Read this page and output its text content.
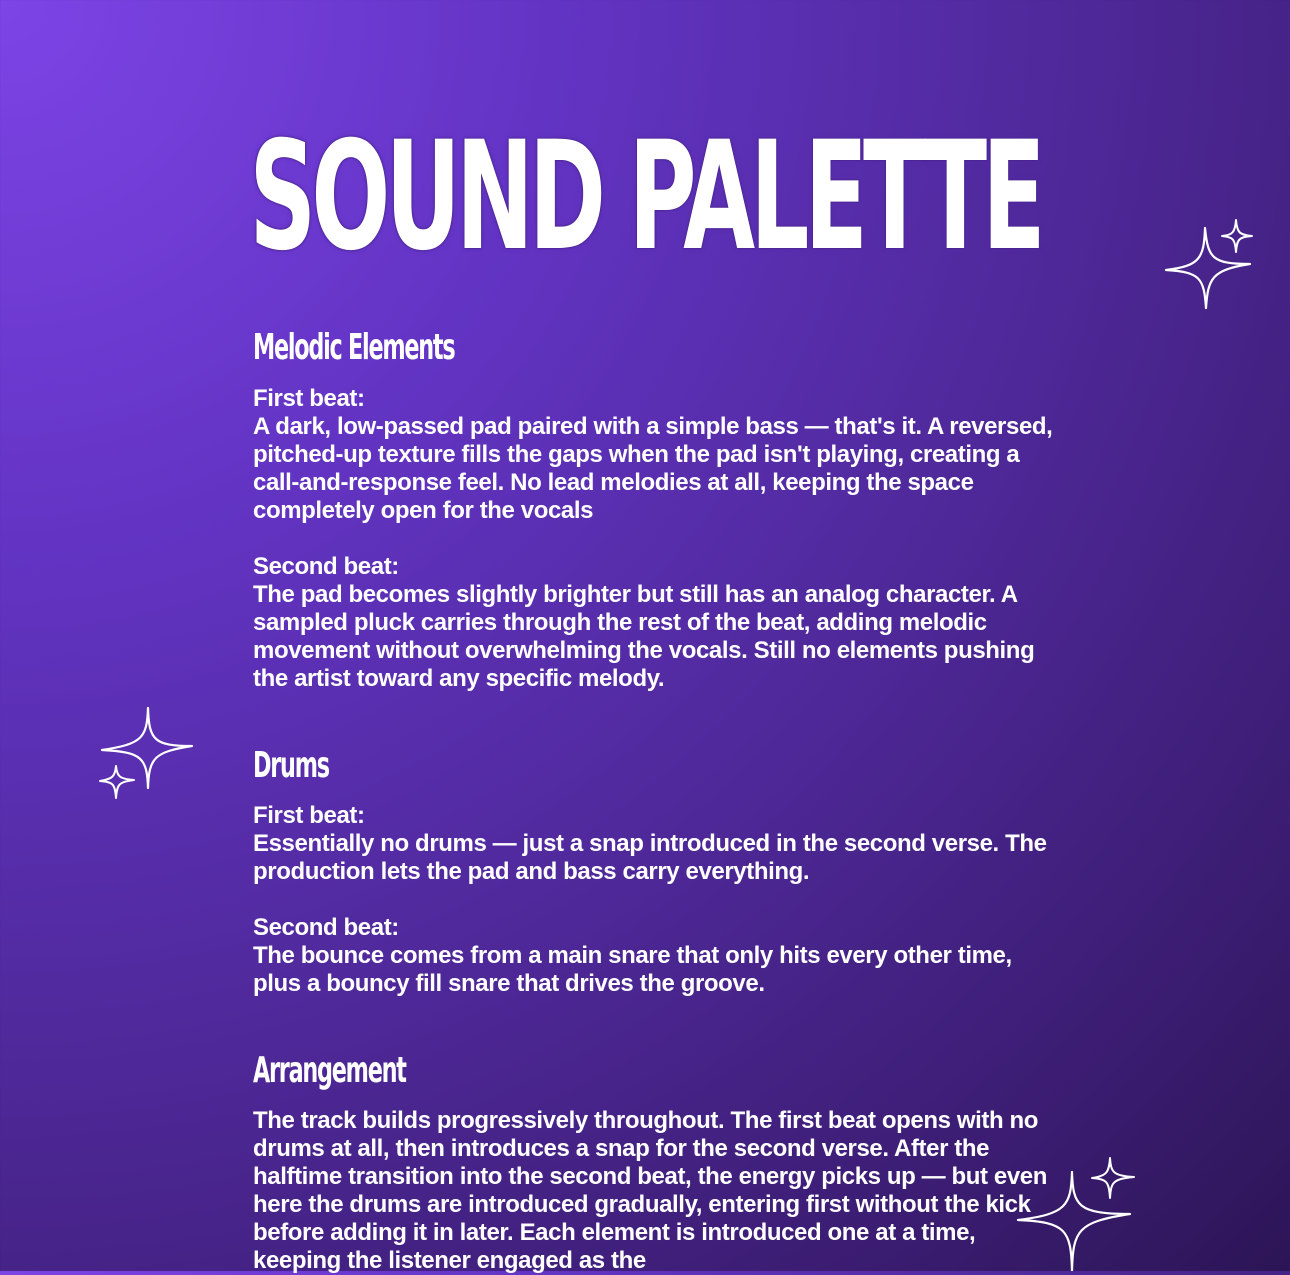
SOUND PALETTE
Melodic Elements

First beat:
A dark, low-passed pad paired with a simple bass — that's it. A reversed, pitched-up texture fills the gaps when the pad isn't playing, creating a call-and-response feel. No lead melodies at all, keeping the space completely open for the vocals

Second beat:
The pad becomes slightly brighter but still has an analog character. A sampled pluck carries through the rest of the beat, adding melodic movement without overwhelming the vocals. Still no elements pushing the artist toward any specific melody.

Drums

First beat:
Essentially no drums — just a snap introduced in the second verse. The production lets the pad and bass carry everything.

Second beat:
The bounce comes from a main snare that only hits every other time, plus a bouncy fill snare that drives the groove.

Arrangement

The track builds progressively throughout. The first beat opens with no drums at all, then introduces a snap for the second verse. After the halftime transition into the second beat, the energy picks up — but even here the drums are introduced gradually, entering first without the kick before adding it in later. Each element is introduced one at a time, keeping the listener engaged as the
